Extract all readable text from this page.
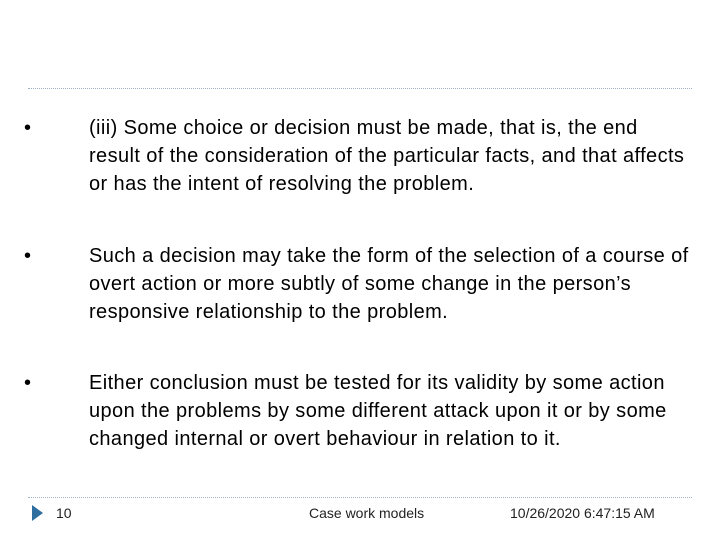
•	(iii) Some choice or decision must be made, that is, the end result of the consideration of the particular facts, and that affects or has the intent of resolving the problem.
•	Such a decision may take the form of the selection of a course of overt action or more subtly of some change in the person’s responsive relationship to the problem.
•	Either conclusion must be tested for its validity by some action upon the problems by some different attack upon it or by some changed internal or overt behaviour in relation to it.
10	Case work models	10/26/2020 6:47:15 AM
